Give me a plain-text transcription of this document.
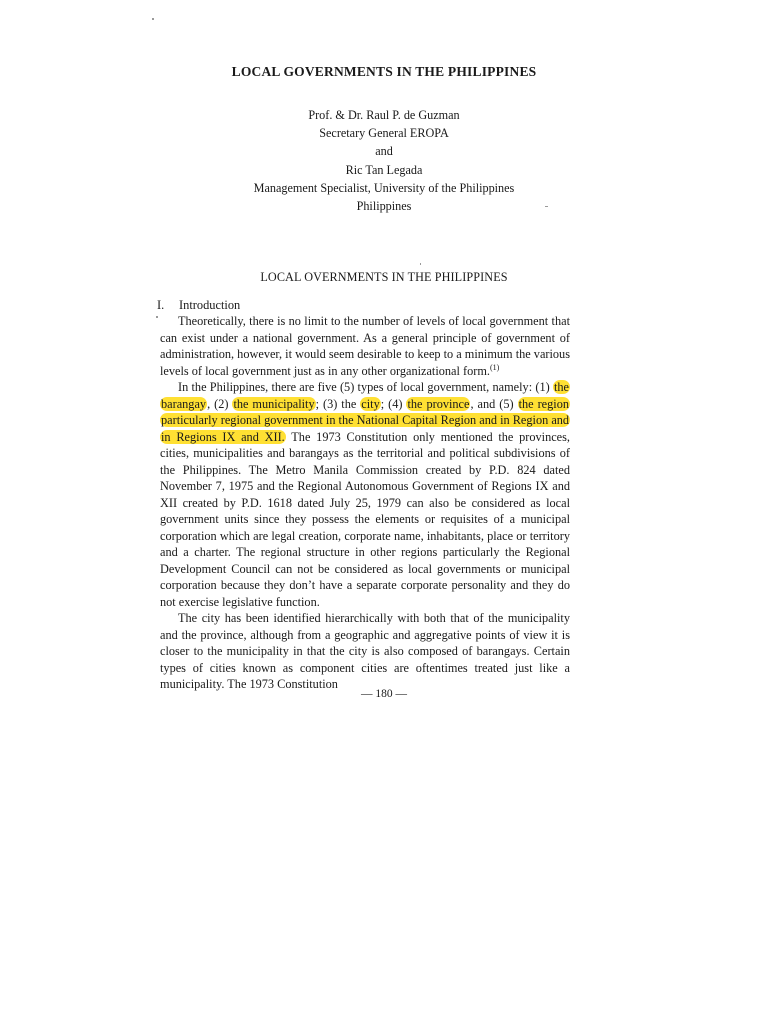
LOCAL GOVERNMENTS IN THE PHILIPPINES
Prof. & Dr. Raul P. de Guzman
Secretary General EROPA
and
Ric Tan Legada
Management Specialist, University of the Philippines
Philippines
LOCAL OVERNMENTS IN THE PHILIPPINES
I. Introduction

Theoretically, there is no limit to the number of levels of local government that can exist under a national government. As a general principle of government of administration, however, it would seem desirable to keep to a minimum the various levels of local government just as in any other organizational form.$^{(1)}$

In the Philippines, there are five (5) types of local government, namely: (1) the barangay, (2) the municipality; (3) the city; (4) the province, and (5) the region particularly regional government in the National Capital Region and in Region and in Regions IX and XII. The 1973 Constitution only mentioned the provinces, cities, municipalities and barangays as the territorial and political subdivisions of the Philippines. The Metro Manila Commission created by P.D. 824 dated November 7, 1975 and the Regional Autonomous Government of Regions IX and XII created by P.D. 1618 dated July 25, 1979 can also be considered as local government units since they possess the elements or requisites of a municipal corporation which are legal creation, corporate name, inhabitants, place or territory and a charter. The regional structure in other regions particularly the Regional Development Council can not be considered as local governments or municipal corporation because they don’t have a separate corporate personality and they do not exercise legislative function.

The city has been identified hierarchically with both that of the municipality and the province, although from a geographic and aggregative points of view it is closer to the municipality in that the city is also composed of barangays. Certain types of cities known as component cities are oftentimes treated just like a municipality. The 1973 Constitution

— 180 —
